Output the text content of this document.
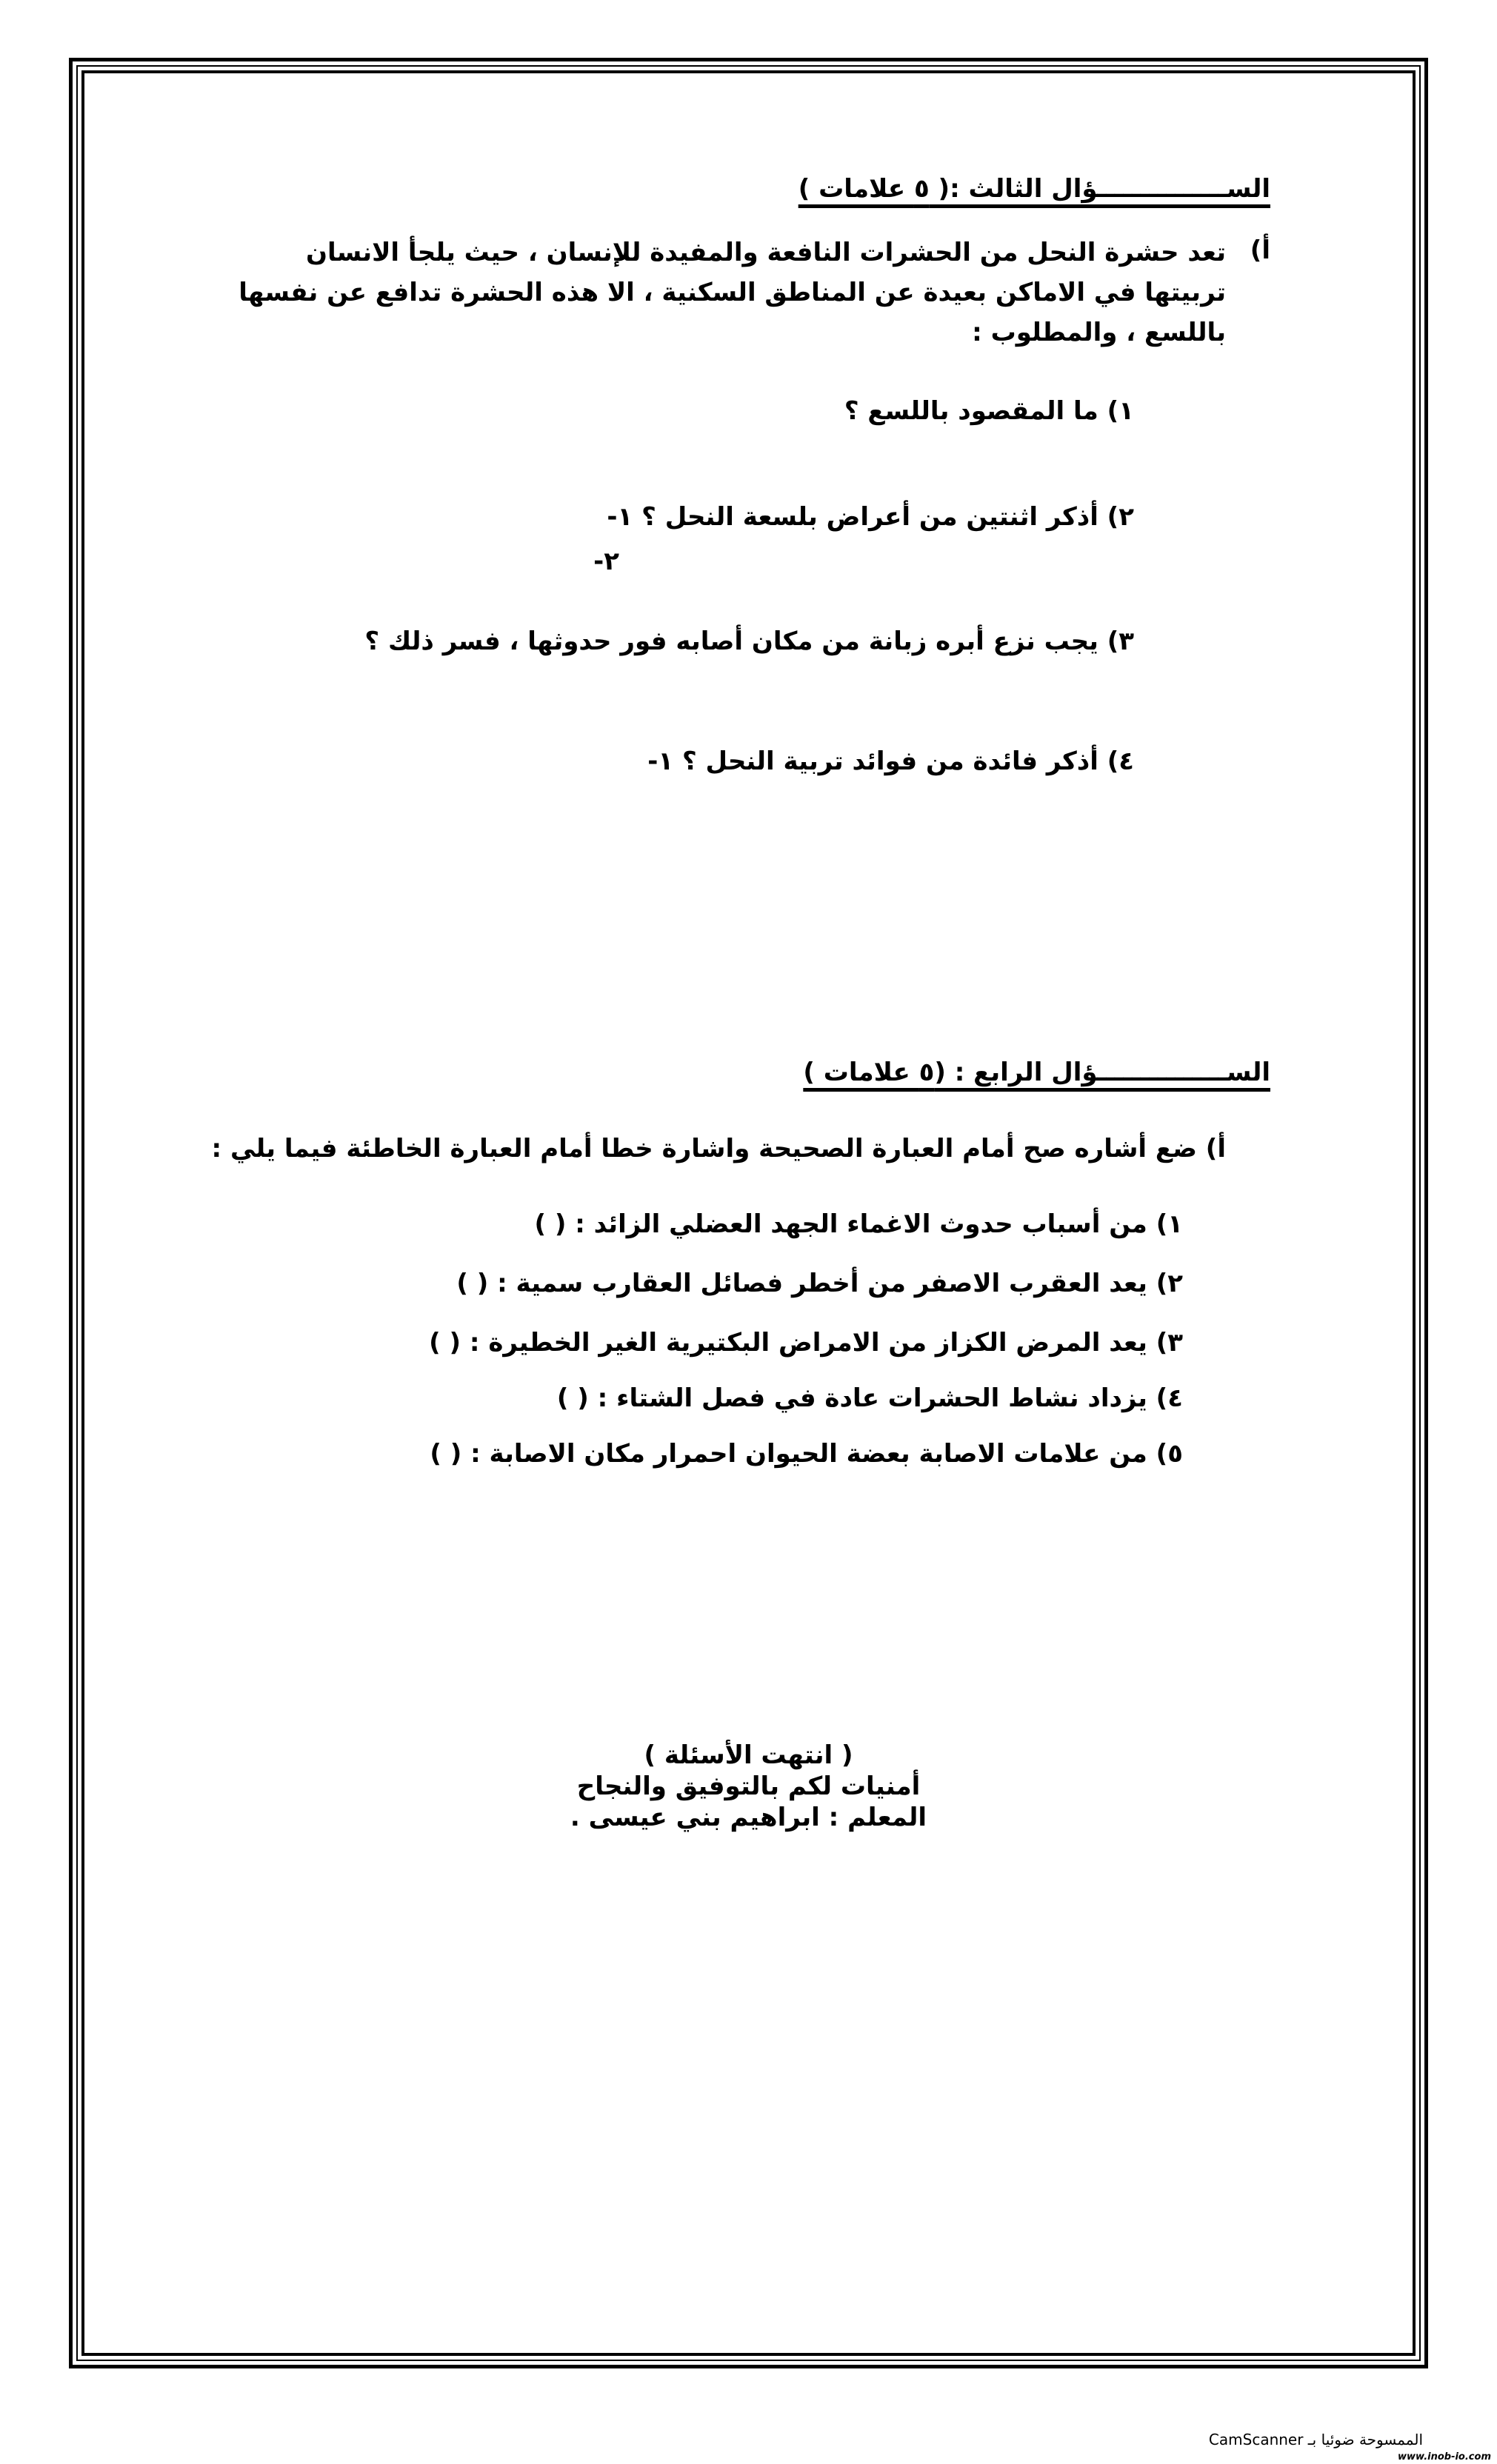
الســـــــــــــــؤال الثالث :( ٥ علامات )
أ)
تعد حشرة النحل من الحشرات النافعة والمفيدة للإنسان ، حيث يلجأ الانسان تربيتها في الاماكن بعيدة عن المناطق السكنية ، الا هذه الحشرة تدافع عن نفسها باللسع ، والمطلوب :
١) ما المقصود باللسع ؟
٢) أذكر اثنتين من أعراض بلسعة النحل ؟ ١-
٢-
٣) يجب نزع أبره زبانة من مكان أصابه فور حدوثها ، فسر ذلك ؟
٤) أذكر فائدة من فوائد تربية النحل ؟ ١-
الســـــــــــــــؤال الرابع : (٥ علامات )
أ) ضع أشاره صح أمام العبارة الصحيحة واشارة خطا أمام العبارة الخاطئة فيما يلي :
١) من أسباب حدوث الاغماء الجهد العضلي الزائد : ( )
٢) يعد العقرب الاصفر من أخطر فصائل العقارب سمية : ( )
٣) يعد المرض الكزاز من الامراض البكتيرية الغير الخطيرة : ( )
٤) يزداد نشاط الحشرات عادة في فصل الشتاء : ( )
٥) من علامات الاصابة بعضة الحيوان احمرار مكان الاصابة : ( )
( انتهت الأسئلة )
أمنيات لكم بالتوفيق والنجاح
المعلم : ابراهيم بني عيسى .
الممسوحة ضوئيا بـ CamScanner
www.inob-io.com
